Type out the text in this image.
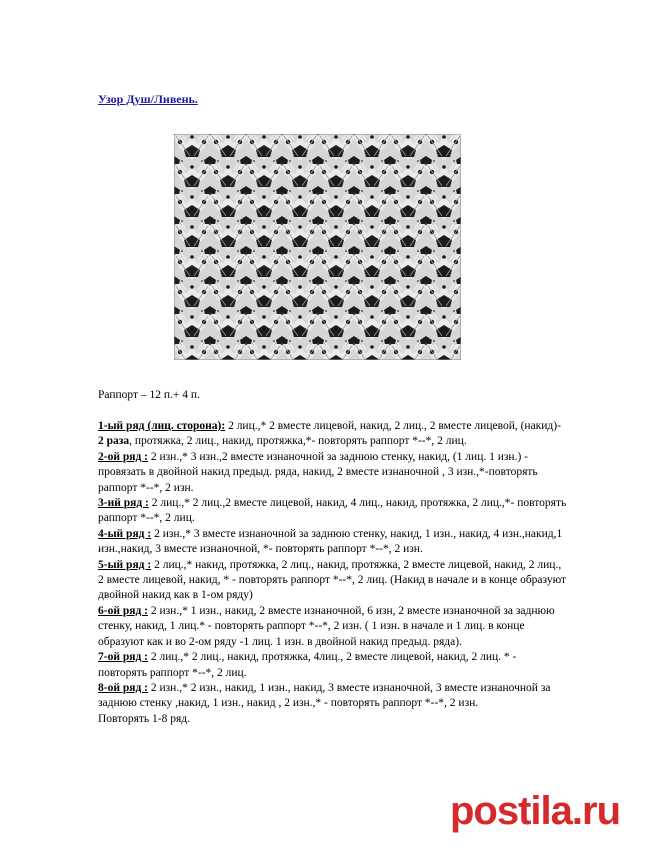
Узор Душ/Ливень.
Раппорт – 12 п.+ 4 п.

1-ый ряд (лиц. сторона): 2 лиц.,* 2 вместе лицевой, накид, 2 лиц., 2 вместе лицевой, (накид)- 2 раза, протяжка, 2 лиц., накид, протяжка,*- повторять раппорт *--*, 2 лиц.

2-ой ряд : 2 изн.,* 3 изн.,2 вместе изнаночной за заднюю стенку, накид, (1 лиц. 1 изн.) - провязать в двойной накид предыд. ряда, накид, 2 вместе изнаночной , 3 изн.,*-повторять раппорт *--*, 2 изн.

3-ий ряд : 2 лиц.,* 2 лиц.,2 вместе лицевой, накид, 4 лиц., накид, протяжка, 2 лиц.,*- повторять раппорт *--*, 2 лиц.

4-ый ряд : 2 изн.,* 3 вместе изнаночной за заднюю стенку, накид, 1 изн., накид, 4 изн.,накид,1 изн.,накид, 3 вместе изнаночной, *- повторять раппорт *--*, 2 изн.

5-ый ряд : 2 лиц.,* накид, протяжка, 2 лиц., накид, протяжка, 2 вместе лицевой, накид, 2 лиц., 2 вместе лицевой, накид, * - повторять раппорт *--*, 2 лиц. (Накид в начале и в конце образуют двойной накид как в 1-ом ряду)

6-ой ряд : 2 изн.,* 1 изн., накид, 2 вместе изнаночной, 6 изн, 2 вместе изнаночной за заднюю стенку, накид, 1 лиц.* - повторять раппорт *--*, 2 изн. ( 1 изн. в начале и 1 лиц. в конце образуют как и во 2-ом ряду -1 лиц. 1 изн. в двойной накид предыд. ряда).

7-ой ряд : 2 лиц.,* 2 лиц., накид, протяжка, 4лиц., 2 вместе лицевой, накид, 2 лиц. * - повторять раппорт *--*, 2 лиц.

8-ой ряд : 2 изн.,* 2 изн., накид, 1 изн., накид, 3 вместе изнаночной, 3 вместе изнаночной за заднюю стенку ,накид, 1 изн., накид , 2 изн.,* - повторять раппорт *--*, 2 изн.

Повторять 1-8 ряд.

postila.ru
